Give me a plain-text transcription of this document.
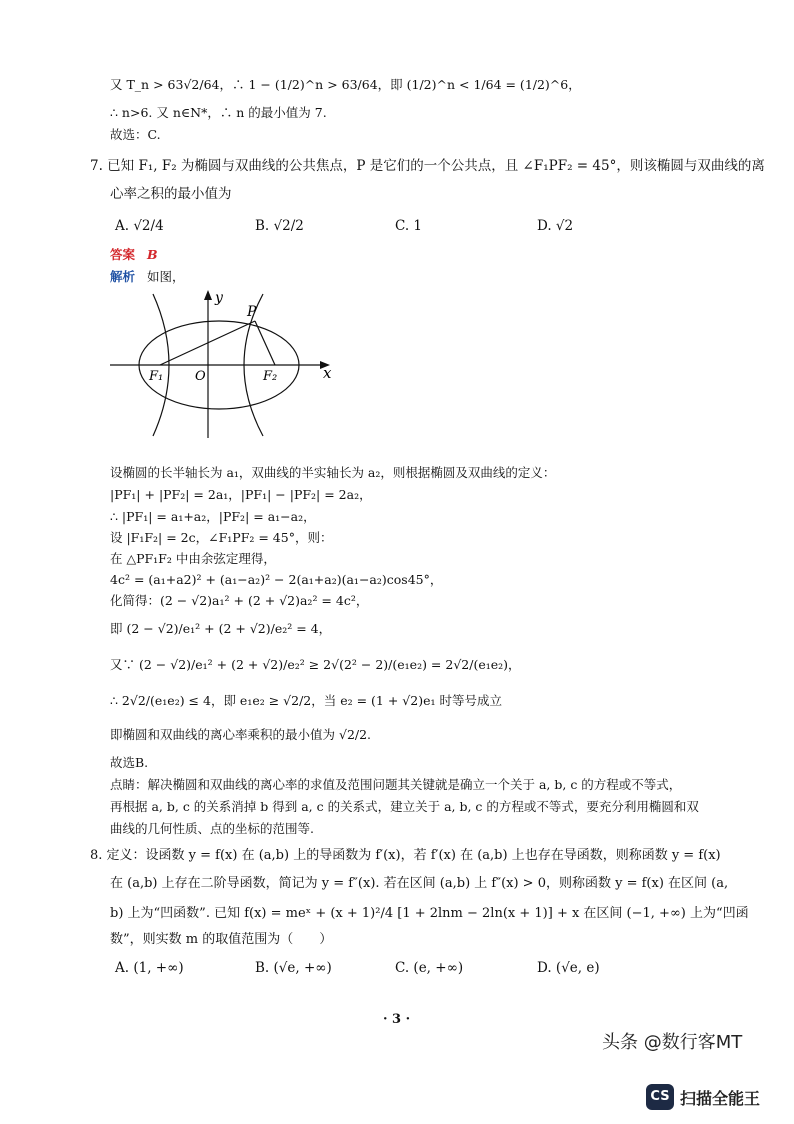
又 T_n > 63√2/64，∴ 1 − (1/2)^n > 63/64，即 (1/2)^n < 1/64 = (1/2)^6，
∴ n>6. 又 n∈N*，∴ n 的最小值为 7.
故选：C.
7. 已知 F₁, F₂ 为椭圆与双曲线的公共焦点，P 是它们的一个公共点，且 ∠F₁PF₂ = 45°，则该椭圆与双曲线的离
心率之积的最小值为
A. √2/4	B. √2/2	C. 1	D. √2
答案 B
解析 如图，
y
x
P
F₁ O	F₂
设椭圆的长半轴长为 a₁，双曲线的半实轴长为 a₂，则根据椭圆及双曲线的定义：
|PF₁| + |PF₂| = 2a₁，|PF₁| − |PF₂| = 2a₂，
∴ |PF₁| = a₁+a₂，|PF₂| = a₁−a₂，
设 |F₁F₂| = 2c，∠F₁PF₂ = 45°，则：
在 △PF₁F₂ 中由余弦定理得，
4c² = (a₁+a2)² + (a₁−a₂)² − 2(a₁+a₂)(a₁−a₂)cos45°，
化简得：(2 − √2)a₁² + (2 + √2)a₂² = 4c²，
即 (2 − √2)/e₁² + (2 + √2)/e₂² = 4，
又∵ (2 − √2)/e₁² + (2 + √2)/e₂² ≥ 2√(2² − 2)/(e₁e₂) = 2√2/(e₁e₂)，
∴ 2√2/(e₁e₂) ≤ 4，即 e₁e₂ ≥ √2/2，当 e₂ = (1 + √2)e₁ 时等号成立
即椭圆和双曲线的离心率乘积的最小值为 √2/2.
故选B.
点睛：解决椭圆和双曲线的离心率的求值及范围问题其关键就是确立一个关于 a, b, c 的方程或不等式，
再根据 a, b, c 的关系消掉 b 得到 a, c 的关系式，建立关于 a, b, c 的方程或不等式，要充分利用椭圆和双
曲线的几何性质、点的坐标的范围等.
8. 定义：设函数 y = f(x) 在 (a,b) 上的导函数为 f′(x)，若 f′(x) 在 (a,b) 上也存在导函数，则称函数 y = f(x)
在 (a,b) 上存在二阶导函数，简记为 y = f″(x). 若在区间 (a,b) 上 f″(x) > 0，则称函数 y = f(x) 在区间 (a,
b) 上为“凹函数”. 已知 f(x) = meˣ + (x + 1)²/4 [1 + 2lnm − 2ln(x + 1)] + x 在区间 (−1, +∞) 上为“凹函
数”，则实数 m 的取值范围为（　　）
A. (1, +∞)	B. (√e, +∞)	C. (e, +∞)	D. (√e, e)
· 3 ·
头条 @数行客MT
CS 扫描全能王
